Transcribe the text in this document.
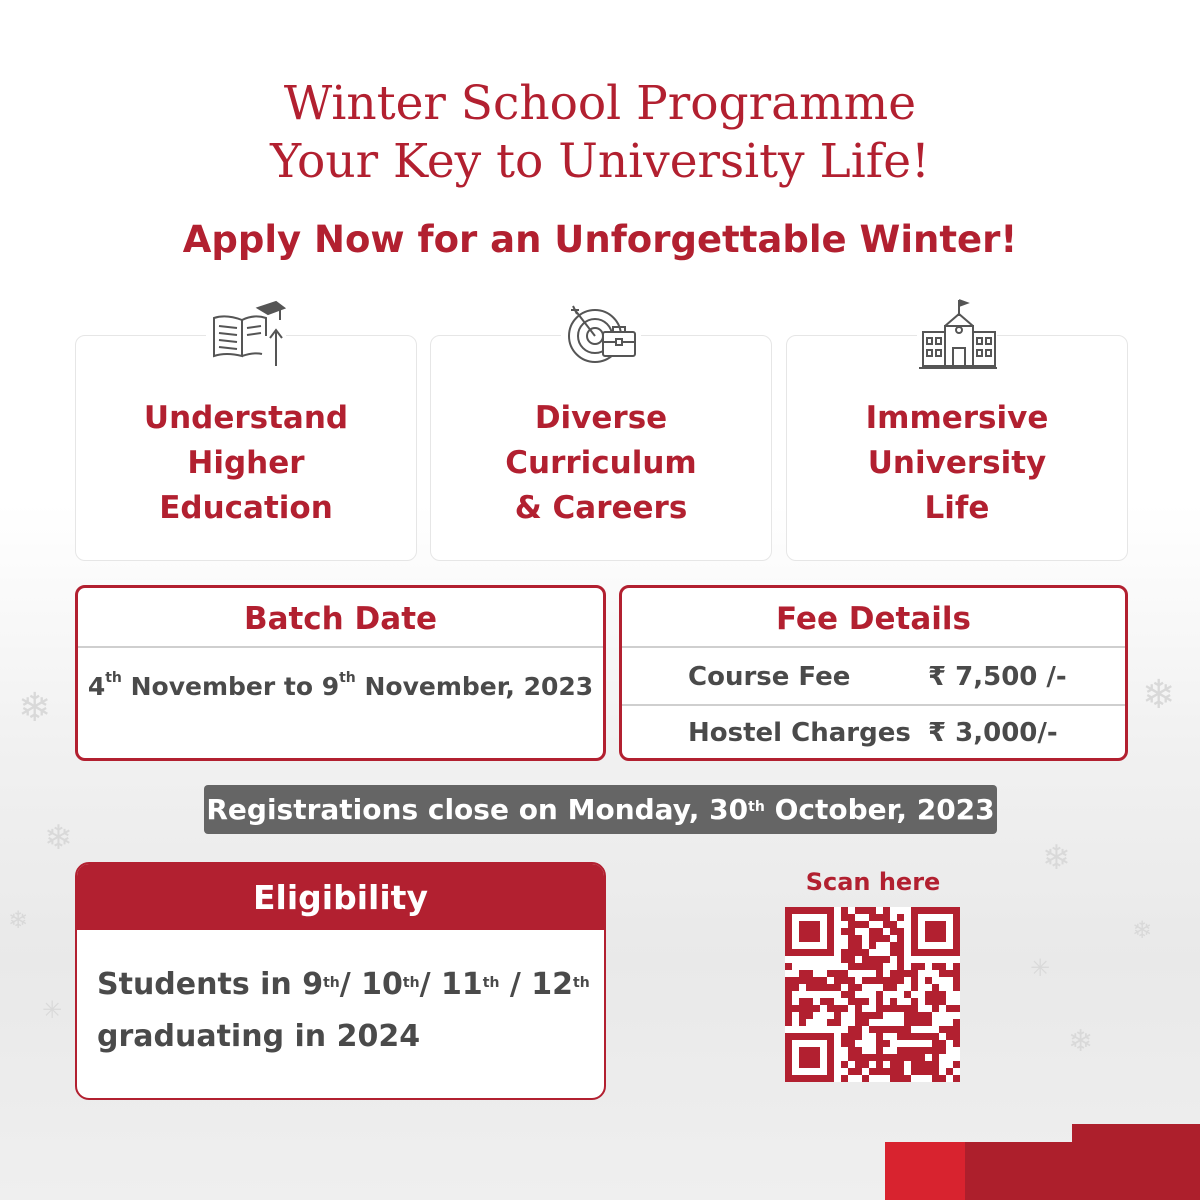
Winter School Programme
Your Key to University Life!
Apply Now for an Unforgettable Winter!
Understand
Higher
Education
Diverse
Curriculum
& Careers
Immersive
University
Life
Batch Date
4th November to 9th November, 2023
Fee Details
Course Fee	₹ 7,500 /-
Hostel Charges ₹ 3,000/-
Registrations close on Monday, 30th October, 2023
Eligibility
Students in 9th/ 10th/ 11th / 12th
graduating in 2024
Scan here
❄	❄
❄	❄
❄	❄
✳
✳
❄
